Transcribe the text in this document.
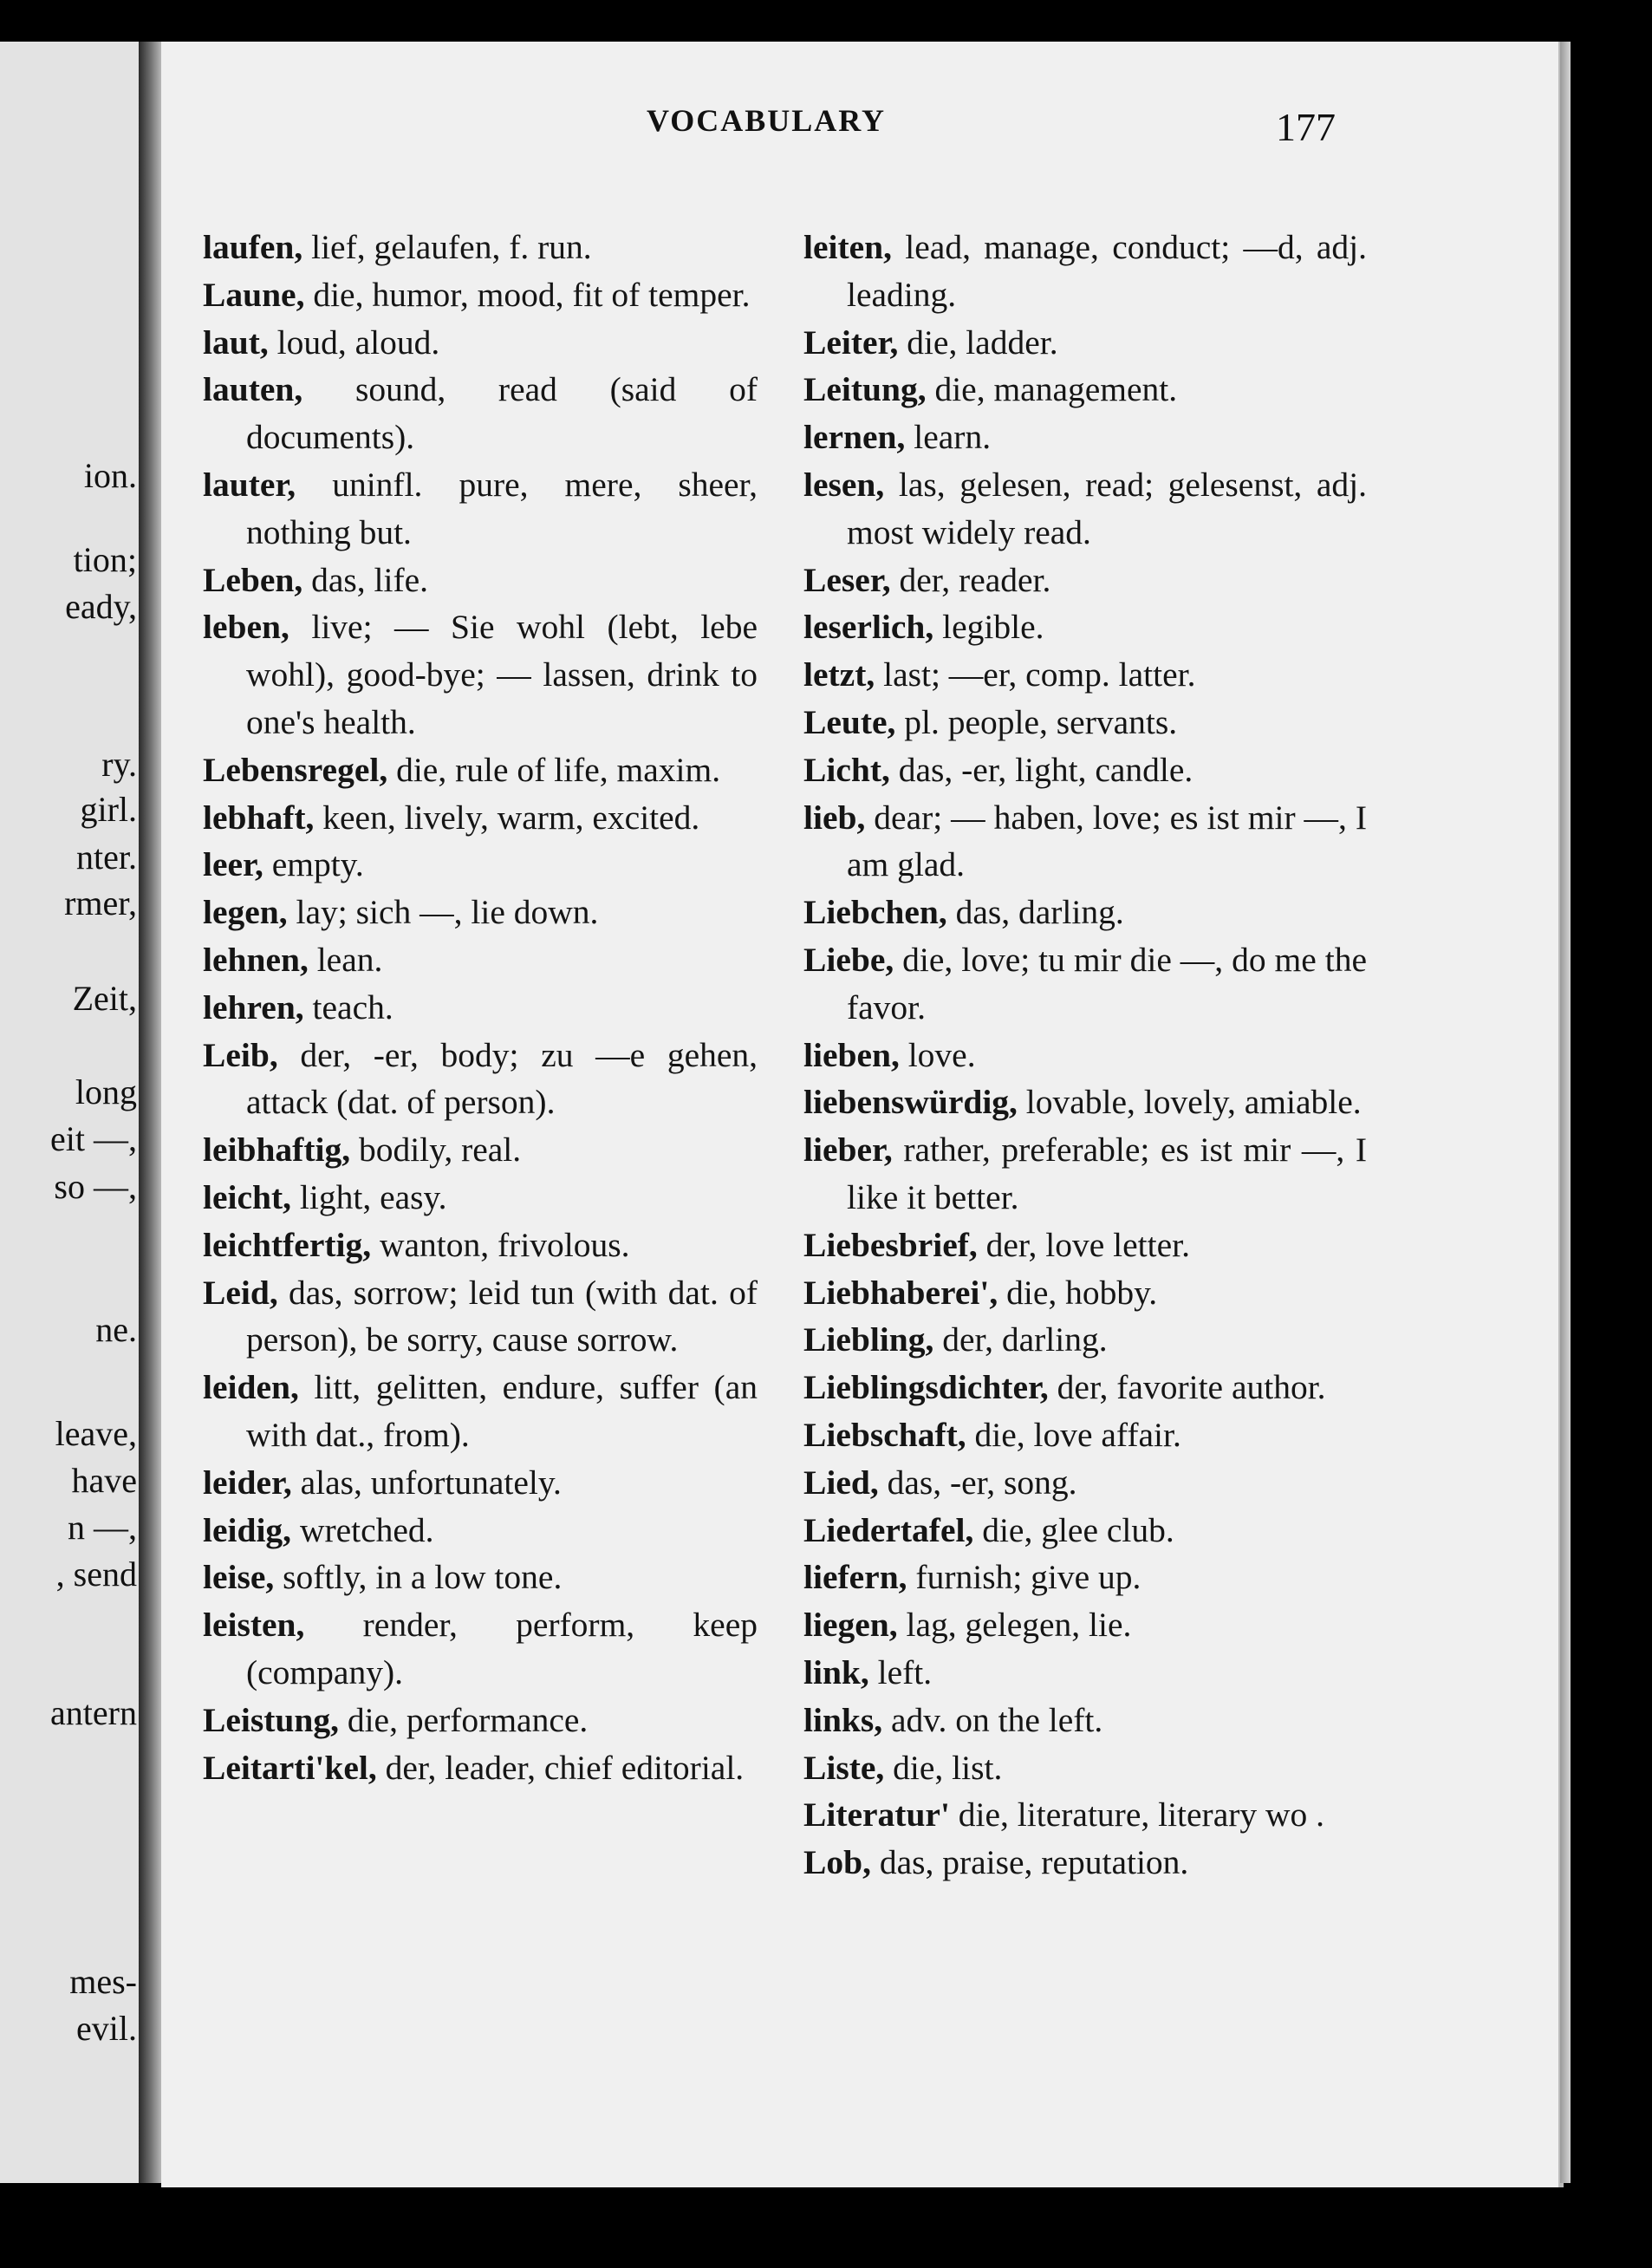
ion.
tion;
eady,
ry.
girl.
nter.
rmer,
Zeit,
long
eit —,
so —,
ne.
leave,
have
n —,
, send
antern
mes-
evil.
VOCABULARY	177
laufen, lief, gelaufen, f. run.
Laune, die, humor, mood, fit of temper.
laut, loud, aloud.
lauten, sound, read (said of documents).
lauter, uninfl. pure, mere, sheer, nothing but.
Leben, das, life.
leben, live; — Sie wohl (lebt, lebe wohl), good-bye; — lassen, drink to one's health.
Lebensregel, die, rule of life, maxim.
lebhaft, keen, lively, warm, excited.
leer, empty.
legen, lay; sich —, lie down.
lehnen, lean.
lehren, teach.
Leib, der, -er, body; zu —e gehen, attack (dat. of person).
leibhaftig, bodily, real.
leicht, light, easy.
leichtfertig, wanton, frivolous.
Leid, das, sorrow; leid tun (with dat. of person), be sorry, cause sorrow.
leiden, litt, gelitten, endure, suffer (an with dat., from).
leider, alas, unfortunately.
leidig, wretched.
leise, softly, in a low tone.
leisten, render, perform, keep (company).
Leistung, die, performance.
Leitarti'kel, der, leader, chief editorial.
leiten, lead, manage, conduct; —d, adj. leading.
Leiter, die, ladder.
Leitung, die, management.
lernen, learn.
lesen, las, gelesen, read; gelesenst, adj. most widely read.
Leser, der, reader.
leserlich, legible.
letzt, last; —er, comp. latter.
Leute, pl. people, servants.
Licht, das, -er, light, candle.
lieb, dear; — haben, love; es ist mir —, I am glad.
Liebchen, das, darling.
Liebe, die, love; tu mir die —, do me the favor.
lieben, love.
liebenswürdig, lovable, lovely, amiable.
lieber, rather, preferable; es ist mir —, I like it better.
Liebesbrief, der, love letter.
Liebhaberei', die, hobby.
Liebling, der, darling.
Lieblingsdichter, der, favorite author.
Liebschaft, die, love affair.
Lied, das, -er, song.
Liedertafel, die, glee club.
liefern, furnish; give up.
liegen, lag, gelegen, lie.
link, left.
links, adv. on the left.
Liste, die, list.
Literatur' die, literature, literary wo .
Lob, das, praise, reputation.
